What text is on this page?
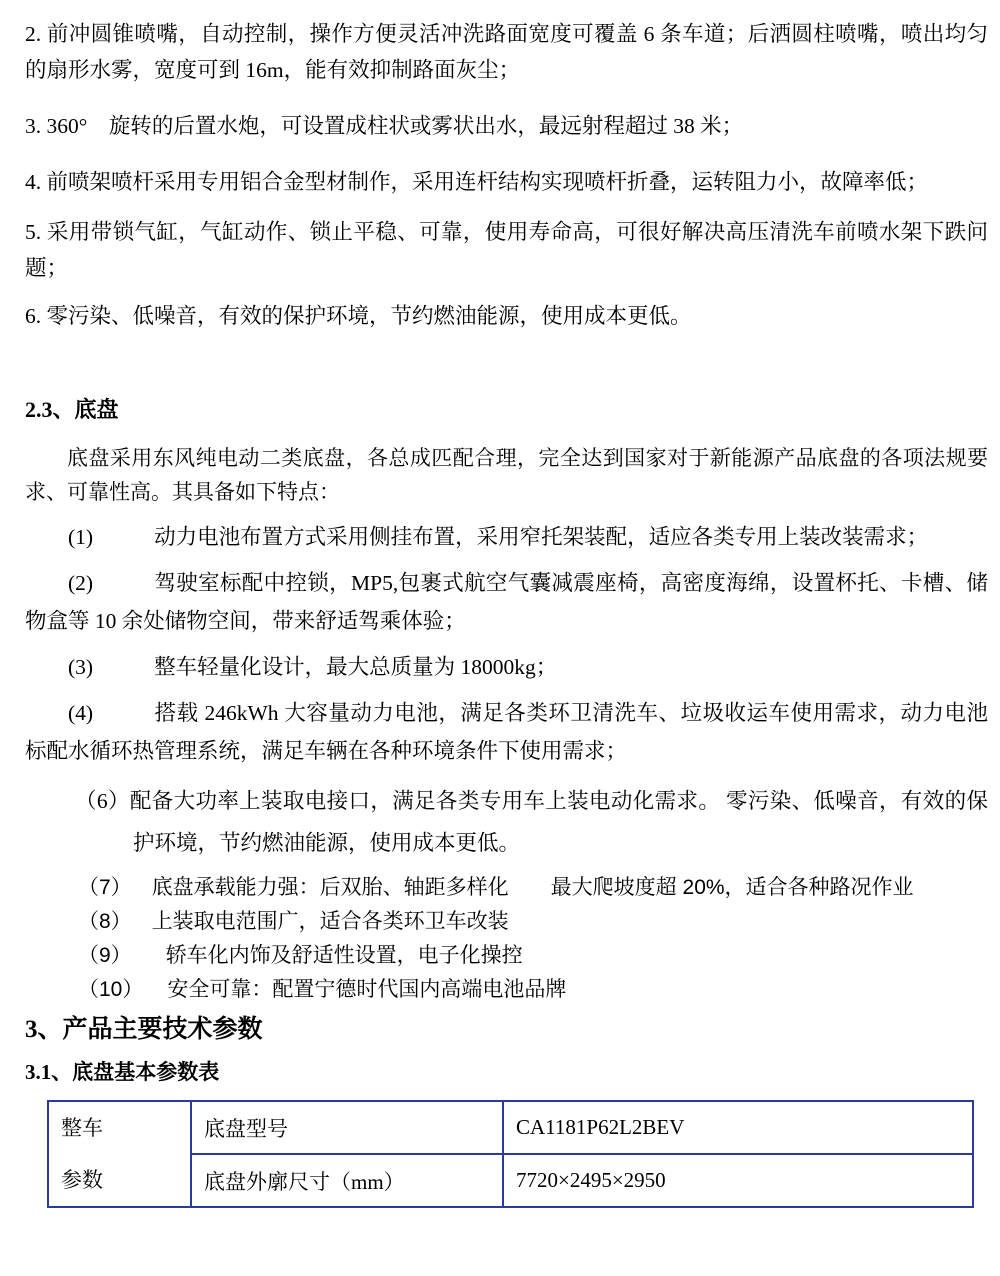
2. 前冲圆锥喷嘴，自动控制，操作方便灵活冲洗路面宽度可覆盖 6 条车道；后洒圆柱喷嘴，喷出均匀的扇形水雾，宽度可到 16m，能有效抑制路面灰尘；

3. 360°　旋转的后置水炮，可设置成柱状或雾状出水，最远射程超过 38 米；

4. 前喷架喷杆采用专用铝合金型材制作，采用连杆结构实现喷杆折叠，运转阻力小，故障率低；

5. 采用带锁气缸，气缸动作、锁止平稳、可靠，使用寿命高，可很好解决高压清洗车前喷水架下跌问题；

6. 零污染、低噪音，有效的保护环境，节约燃油能源，使用成本更低。

2.3、底盘

底盘采用东风纯电动二类底盘，各总成匹配合理，完全达到国家对于新能源产品底盘的各项法规要求、可靠性高。其具备如下特点：

(1)	动力电池布置方式采用侧挂布置，采用窄托架装配，适应各类专用上装改装需求；

(2)	驾驶室标配中控锁，MP5,包裹式航空气囊减震座椅，高密度海绵，设置杯托、卡槽、储物盒等 10 余处储物空间，带来舒适驾乘体验；

(3)	整车轻量化设计，最大总质量为 18000kg；

(4)	搭载 246kWh 大容量动力电池，满足各类环卫清洗车、垃圾收运车使用需求，动力电池标配水循环热管理系统，满足车辆在各种环境条件下使用需求；

（6）配备大功率上装取电接口，满足各类专用车上装电动化需求。 零污染、低噪音，有效的保护环境，节约燃油能源，使用成本更低。

（7） 底盘承载能力强：后双胎、轴距多样化　　最大爬坡度超 20%，适合各种路况作业

（8） 上装取电范围广，适合各类环卫车改装

（9） 轿车化内饰及舒适性设置，电子化操控

（10） 安全可靠：配置宁德时代国内高端电池品牌

3、产品主要技术参数
3.1、底盘基本参数表
整车
参数	底盘型号	CA1181P62L2BEV
	底盘外廓尺寸（mm）	7720×2495×2950
